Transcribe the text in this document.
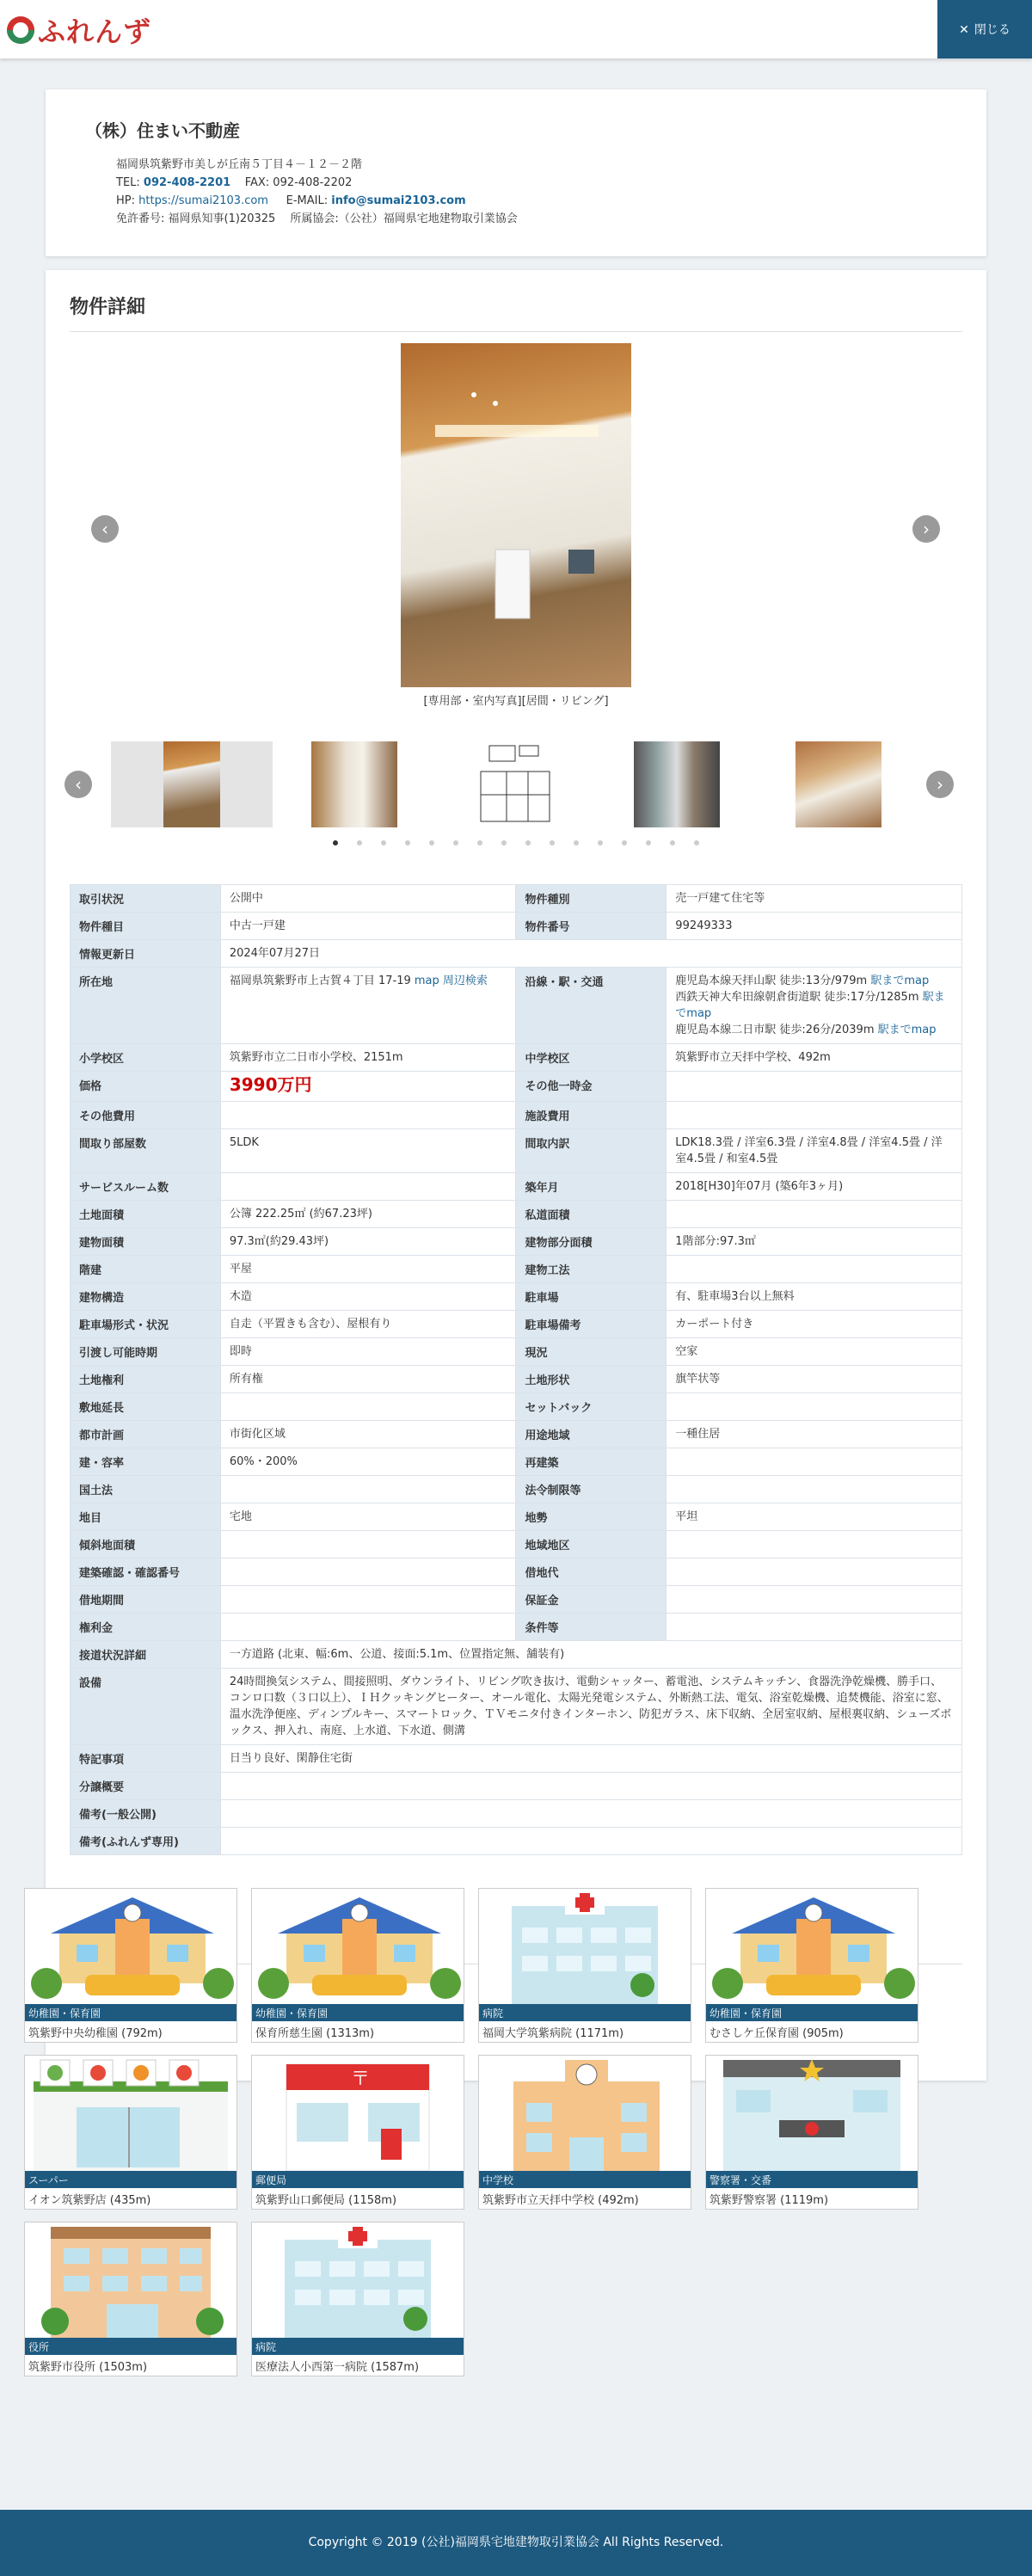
ふれんず	✕ 閉じる
（株）住まい不動産
福岡県筑紫野市美しが丘南５丁目４－１２－２階
TEL: 092-408-2201 FAX: 092-408-2202
HP: https://sumai2103.com E-MAIL: info@sumai2103.com
免許番号: 福岡県知事(1)20325　 所属協会:（公社）福岡県宅地建物取引業協会
物件詳細
[専用部・室内写真][居間・リビング]
‹	›
‹	›
取引状況	公開中	物件種別	売一戸建て住宅等
物件種目	中古一戸建	物件番号	99249333
情報更新日	2024年07月27日		
所在地	福岡県筑紫野市上古賀４丁目 17-19 map 周辺検索	沿線・駅・交通	鹿児島本線天拝山駅 徒歩:13分/979m 駅までmap
西鉄天神大牟田線朝倉街道駅 徒歩:17分/1285m 駅までmap
鹿児島本線二日市駅 徒歩:26分/2039m 駅までmap

小学校区	筑紫野市立二日市小学校、2151m	中学校区	筑紫野市立天拝中学校、492m
価格	3990万円	その他一時金	
その他費用		施設費用	
間取り部屋数	5LDK	間取内訳	LDK18.3畳 / 洋室6.3畳 / 洋室4.8畳 / 洋室4.5畳 / 洋室4.5畳 / 和室4.5畳
サービスルーム数		築年月	2018[H30]年07月 (築6年3ヶ月)
土地面積	公簿 222.25㎡ (約67.23坪)	私道面積	
建物面積	97.3㎡(約29.43坪)	建物部分面積	1階部分:97.3㎡
階建	平屋	建物工法	
建物構造	木造	駐車場	有、駐車場3台以上無料
駐車場形式・状況	自走（平置きも含む）、屋根有り	駐車場備考	カーポート付き
引渡し可能時期	即時	現況	空家
土地権利	所有権	土地形状	旗竿状等
敷地延長		セットバック	
都市計画	市街化区域	用途地域	一種住居
建・容率	60%・200%	再建築	
国土法		法令制限等	
地目	宅地	地勢	平坦
傾斜地面積		地域地区	
建築確認・確認番号		借地代	
借地期間		保証金	
権利金		条件等	
接道状況詳細	一方道路 (北東、幅:6m、公道、接面:5.1m、位置指定無、舗装有)		
設備	24時間換気システム、間接照明、ダウンライト、リビング吹き抜け、電動シャッター、蓄電池、システムキッチン、食器洗浄乾燥機、勝手口、コンロ口数（３口以上）、ＩＨクッキングヒーター、オール電化、太陽光発電システム、外断熱工法、電気、浴室乾燥機、追焚機能、浴室に窓、温水洗浄便座、ディンプルキー、スマートロック、ＴＶモニタ付きインターホン、防犯ガラス、床下収納、全居室収納、屋根裏収納、シューズボックス、押入れ、南庭、上水道、下水道、側溝		
特記事項	日当り良好、閑静住宅街		
分譲概要			
備考(一般公開)			
備考(ふれんず専用)			
幼稚園・保育園
筑紫野中央幼稚園 (792m)
幼稚園・保育園
保育所慈生園 (1313m)
病院
福岡大学筑紫病院 (1171m)
幼稚園・保育園
むさしケ丘保育園 (905m)
スーパー
イオン筑紫野店 (435m)
〒
郵便局
筑紫野山口郵便局 (1158m)
中学校
筑紫野市立天拝中学校 (492m)
警察署・交番
筑紫野警察署 (1119m)
役所
筑紫野市役所 (1503m)
病院
医療法人小西第一病院 (1587m)
Copyright © 2019 (公社)福岡県宅地建物取引業協会 All Rights Reserved.
